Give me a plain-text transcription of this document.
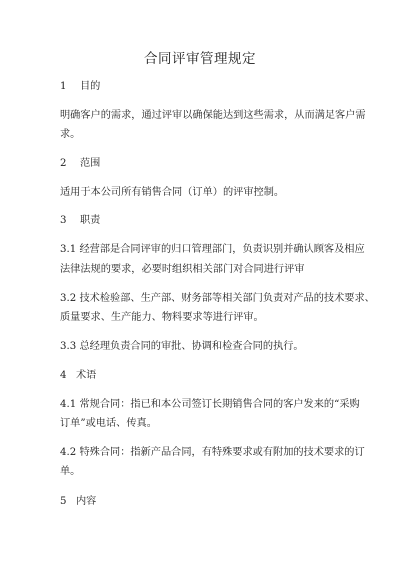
合同评审管理规定
1 目的
明确客户的需求，通过评审以确保能达到这些需求，从而满足客户需
求。
2 范围
适用于本公司所有销售合同（订单）的评审控制。
3 职责
3.1 经营部是合同评审的归口管理部门，负责识别并确认顾客及相应
法律法规的要求，必要时组织相关部门对合同进行评审
3.2 技术检验部、生产部、财务部等相关部门负责对产品的技术要求、
质量要求、生产能力、物料要求等进行评审。
3.3 总经理负责合同的审批、协调和检查合同的执行。
4 术语
4.1 常规合同：指已和本公司签订长期销售合同的客户发来的“采购
订单”或电话、传真。
4.2 特殊合同：指新产品合同，有特殊要求或有附加的技术要求的订
单。
5 内容
